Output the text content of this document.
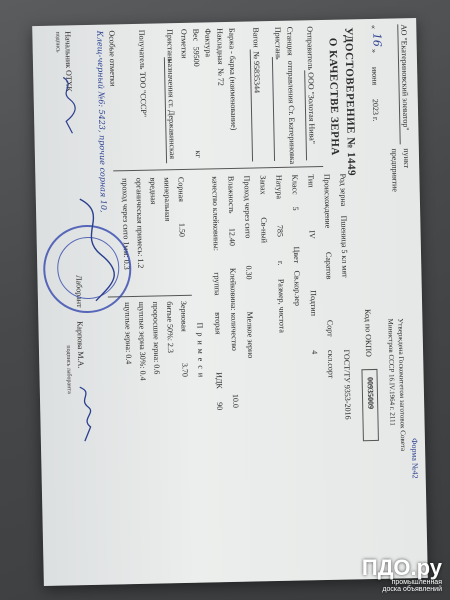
АО "Екатериновский элеватор"
пункт
предприятие
«
16
»
июня
2023 г.
УДОСТОВЕРЕНИЕ № 1449
О КАЧЕСТВЕ ЗЕРНА
Отправитель
ООО "Золотая Нива"
Станция
отправления Ст. Екатериновка
Пристань
Вагон
№ 95835344
Баржа - барка (наименование)
Накладная
№ 72
Фактура
Вес
59500
кг
Отметки
Пристань
назначения ст. Державинская
Получатель
ТОО "СССР"
Особые отметки
Клещ-черный №6: 5423, прочие сорная 10,
Начальник ОТХК
подпись
Форма №42
Утверждена Госкомитетом заготовок Совета
Министров СССР 16.IV.1964 г. 2111
Код по ОКПО
00935009
Род зерна
Пшеница 5 кл мят
ГОСТ/ТУ 9353-2016
Происхождение
Саратов
Сорт
скл.сорт
Тип
IV
Подтип
4
Класс
5
Цвет
Св.кор.зер
Натура
785
г.
Размер, чистота
Запах
Св-ный
Проход через сито
0.30
Мелкое зерно
Влажность
12.40
Клейковина: количество
10.0
качество клейковины:
группа
вторая
ИДК
90
П р и м е с и
Сорная
1.50
Зерновая
3.70
минеральная
битые 50%: 2.3
вредная
проросшие зерна: 0.6
органическая примесь: 1.2
щуплые зерна 30%: 0.4
проход через сито 1мм: 0.3
щуплые зерна: 0.4
Лаборант
Карпова М.А.
подпись лаборанта
ПДО.ру
промышленная
доска объявлений
